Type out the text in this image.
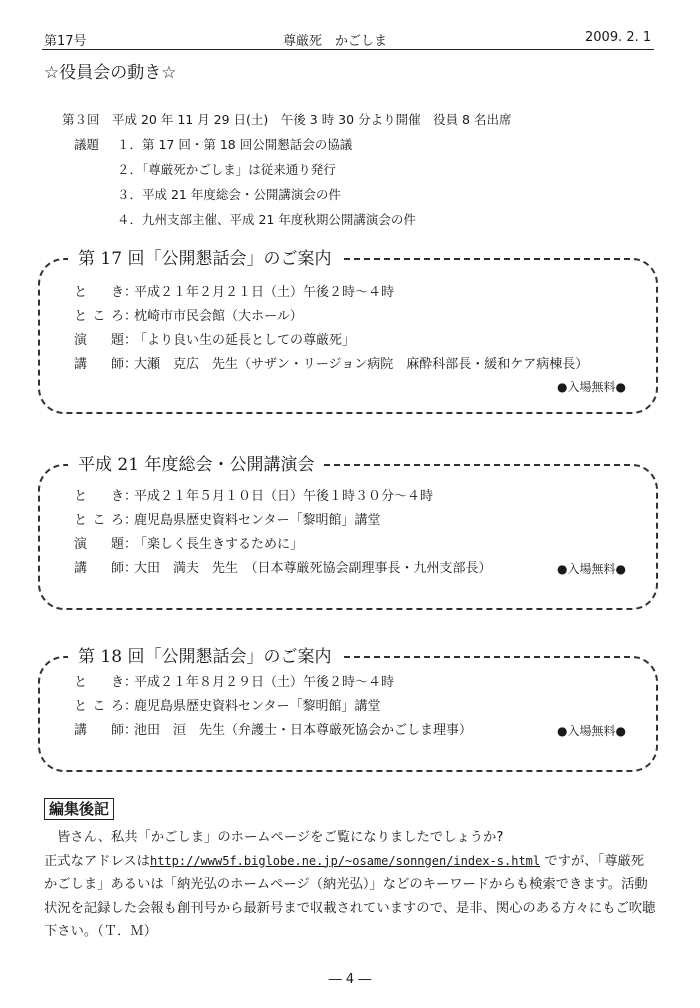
第17号	尊厳死　かごしま	2009. 2. 1
☆役員会の動き☆
第３回　平成 20 年 11 月 29 日(土)　午後 3 時 30 分より開催　役員 8 名出席
議題 １．第 17 回・第 18 回公開懇話会の協議
２．「尊厳死かごしま」は従来通り発行
３．平成 21 年度総会・公開講演会の件
４．九州支部主催、平成 21 年度秋期公開講演会の件
第 17 回「公開懇話会」のご案内
とき：平成２１年２月２１日（土）午後２時～４時
ところ：枕崎市市民会館（大ホール）
演題：「より良い生の延長としての尊厳死」
講師：大瀬　克広　先生（サザン・リージョン病院　麻酔科部長・緩和ケア病棟長）
●入場無料●
平成 21 年度総会・公開講演会
とき：平成２１年５月１０日（日）午後１時３０分～４時
ところ：鹿児島県歴史資料センター「黎明館」講堂
演題：「楽しく長生きするために」
講師：大田　満夫　先生　（日本尊厳死協会副理事長・九州支部長）	●入場無料●
第 18 回「公開懇話会」のご案内
とき：平成２１年８月２９日（土）午後２時～４時
ところ：鹿児島県歴史資料センター「黎明館」講堂
講師：池田　洹　先生（弁護士・日本尊厳死協会かごしま理事）	●入場無料●
編集後記
皆さん、私共「かごしま」のホームページをご覧になりましたでしょうか?
正式なアドレスはhttp://www5f.biglobe.ne.jp/~osame/sonngen/index-s.html ですが、「尊厳死かごしま」あるいは「納光弘のホームページ（納光弘）」などのキーワードからも検索できます。活動状況を記録した会報も創刊号から最新号まで収載されていますので、是非、関心のある方々にもご吹聴下さい。（Ｔ．Ｍ）
― 4 ―
